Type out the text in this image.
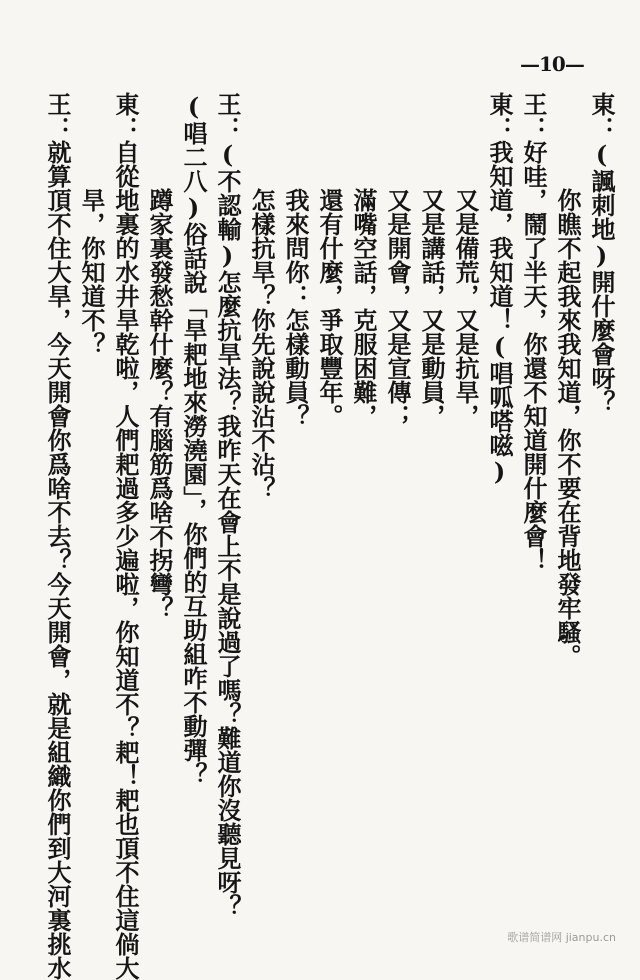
—10—
東：(諷刺地)開什麼會呀？
你瞧不起我來我知道，你不要在背地發牢騷。
王：好哇，鬧了半天，你還不知道開什麼會！
東：我知道，我知道！(唱呱嗒嗞)
又是備荒，又是抗旱，
又是講話，又是動員，
又是開會，又是宣傳；
滿嘴空話，克服困難，
還有什麼，爭取豐年。
我來問你：怎樣動員？
怎樣抗旱？你先說說沾不沾？
王：(不認輸)怎麼抗旱法？我昨天在會上不是說過了嗎？難道你沒聽見呀？
(唱二八)俗話說「旱耙地來澇澆園」，你們的互助組咋不動彈？
蹲家裏發愁幹什麼？有腦筋爲啥不拐彎？
東：自從地裏的水井旱乾啦，人們耙過多少遍啦，你知道不？耙！耙也頂不住這倘大
旱，你知道不？
王：就算頂不住大旱，今天開會你爲啥不去？今天開會，就是組織你們到大河裏挑水	歌谱简谱网 jianpu.cn
